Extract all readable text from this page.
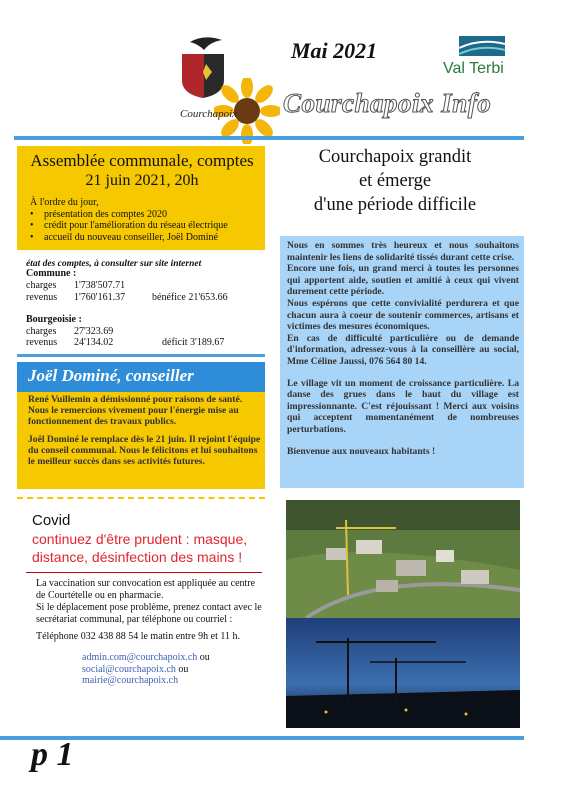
Courchapoix
Mai 2021
Val Terbi
Courchapoix Info
Assemblée communale, comptes
21 juin 2021, 20h
À l'ordre du jour,
• présentation des comptes 2020
• crédit pour l'amélioration du réseau électrique
• accueil du nouveau conseiller, Joël Dominé
état des comptes, à consulter sur site internet
Commune :
charges 1'738'507.71
revenus 1'760'161.37	bénéfice 21'653.66
Bourgeoisie :
charges 27'323.69
revenus 24'134.02	déficit 3'189.67
Joël Dominé, conseiller

René Vuillemin a démissionné pour raisons de santé. Nous le remercions vivement pour l'énergie mise au fonctionnement des travaux publics.

Joël Dominé le remplace dès le 21 juin. Il rejoint l'équipe du conseil communal. Nous le félicitons et lui souhaitons le meilleur succès dans ses activités futures.

Courchapoix grandit
et émerge
d'une période difficile

Nous en sommes très heureux et nous souhaitons maintenir les liens de solidarité tissés durant cette crise.

Encore une fois, un grand merci à toutes les personnes qui apportent aide, soutien et amitié à ceux qui vivent durement cette période.

Nous espérons que cette convivialité perdurera et que chacun aura à coeur de soutenir commerces, artisans et victimes des mesures économiques.

En cas de difficulté particulière ou de demande d'information, adressez-vous à la conseillère au social, Mme Céline Jaussi, 076 564 80 14.

Le village vit un moment de croissance particulière. La danse des grues dans le haut du village est impressionnante. C'est réjouissant ! Merci aux voisins qui acceptent momentanément de nombreuses perturbations.

Bienvenue aux nouveaux habitants !

Covid
continuez d'être prudent : masque, distance, désinfection des mains !

La vaccination sur convocation est appliquée au centre de Courtételle ou en pharmacie.

Si le déplacement pose problème, prenez contact avec le secrétariat communal, par téléphone ou courriel :

Téléphone 032 438 88 54 le matin entre 9h et 11 h.

admin.com@courchapoix.ch ou
social@courchapoix.ch ou
mairie@courchapoix.ch
p 1
